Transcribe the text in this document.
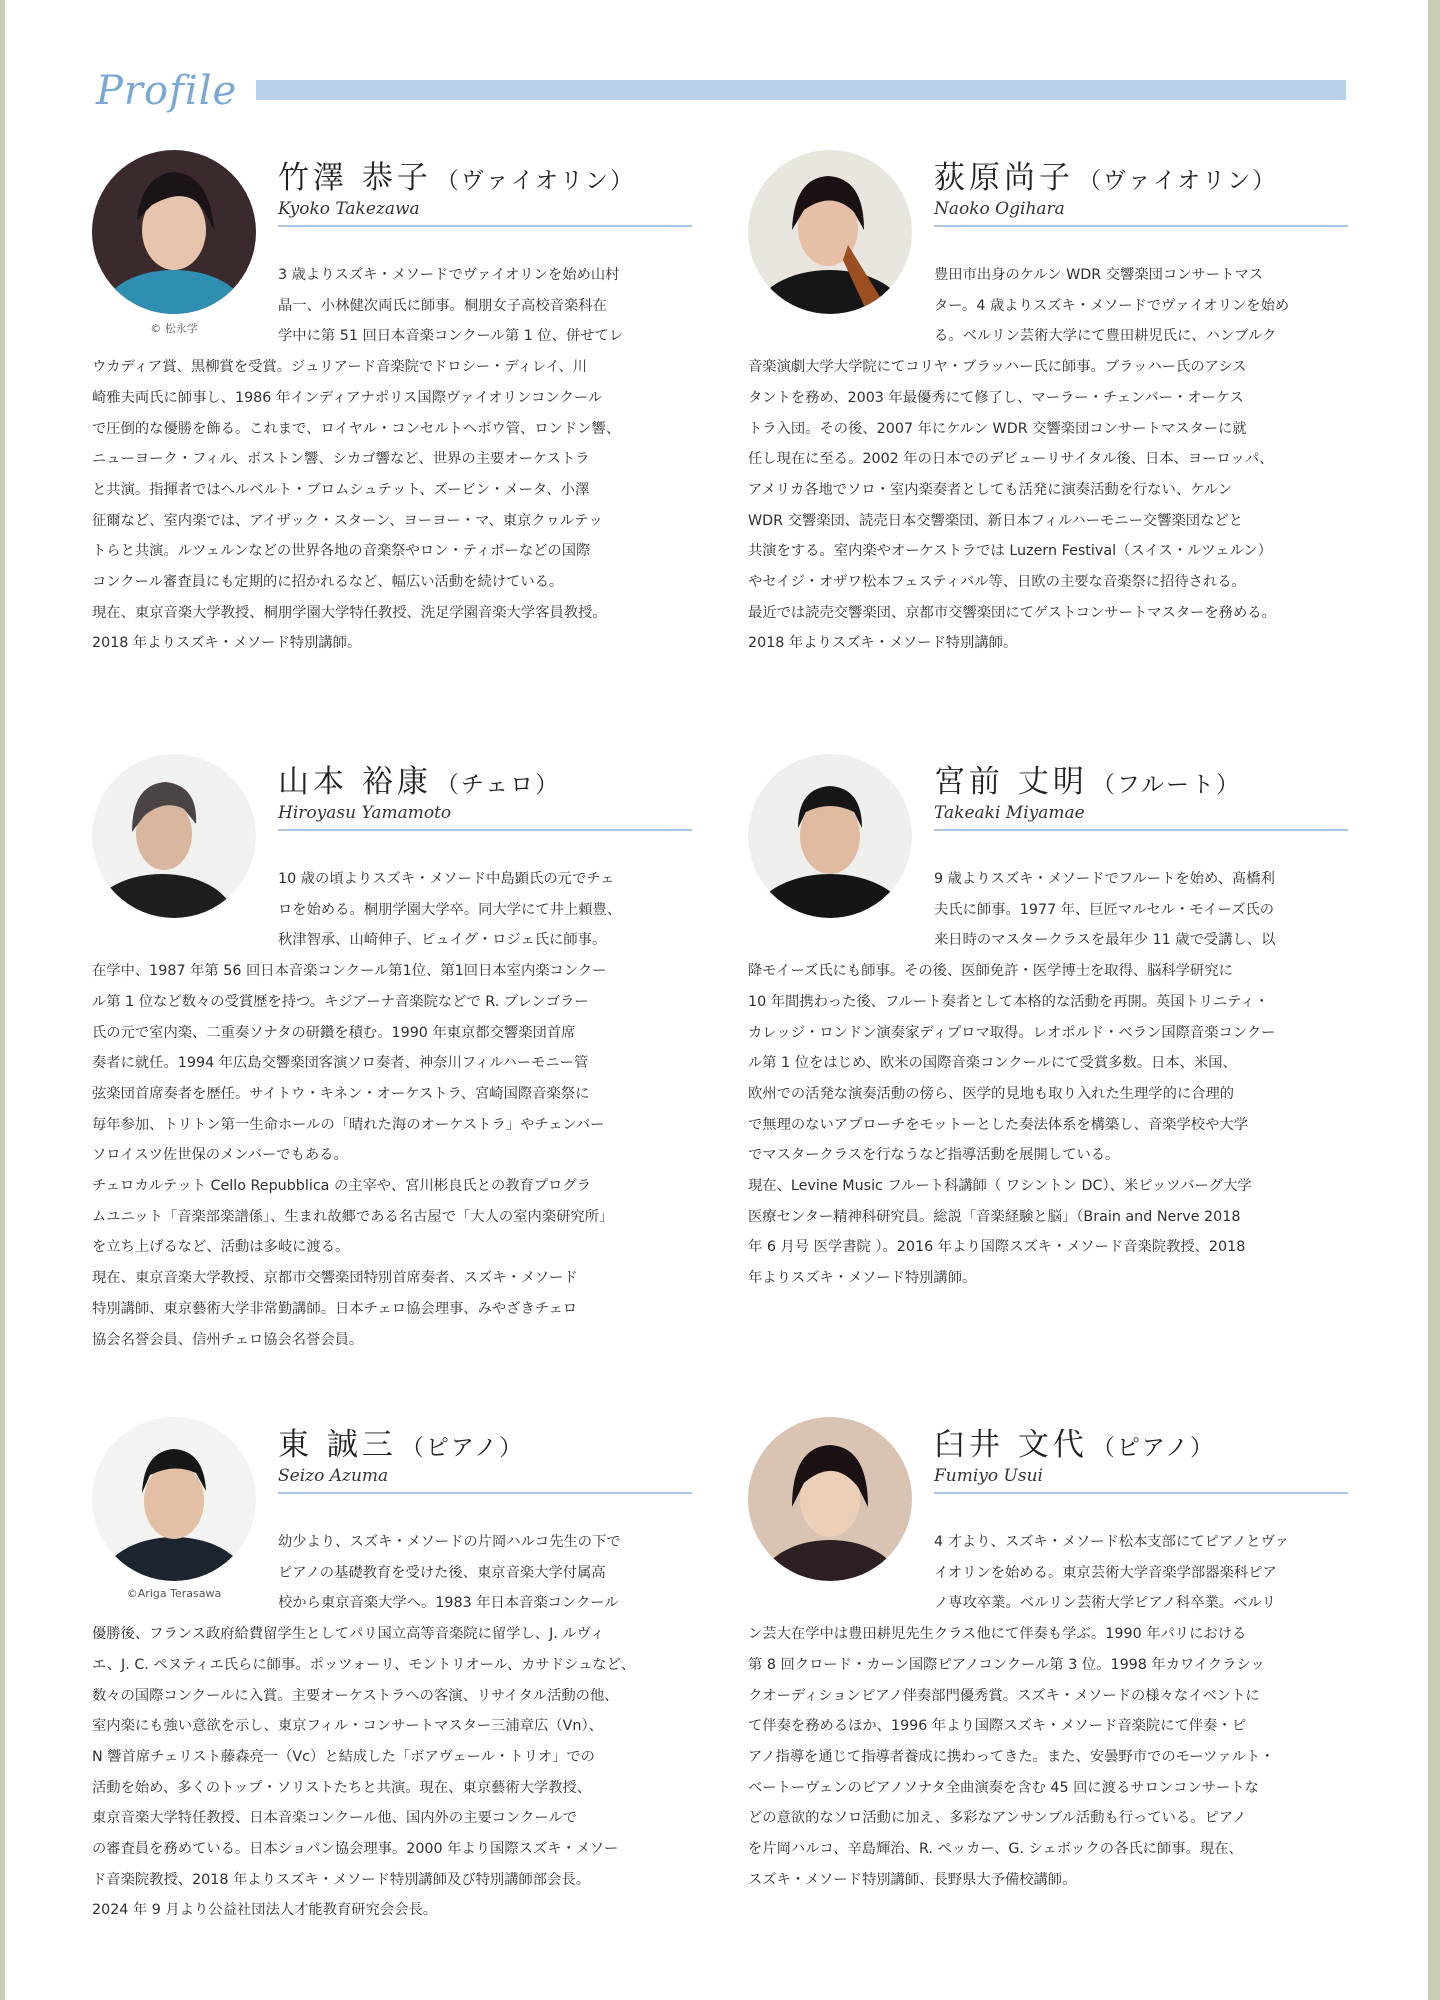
Profile
© 松永学
竹澤 恭子 （ヴァイオリン）
Kyoko Takezawa
3 歳よりスズキ・メソードでヴァイオリンを始め山村
晶一、小林健次両氏に師事。桐朋女子高校音楽科在
学中に第 51 回日本音楽コンクール第 1 位、併せてレ
ウカディア賞、黒柳賞を受賞。ジュリアード音楽院でドロシー・ディレイ、川
崎雅夫両氏に師事し、1986 年インディアナポリス国際ヴァイオリンコンクール
で圧倒的な優勝を飾る。これまで、ロイヤル・コンセルトヘボウ管、ロンドン響、
ニューヨーク・フィル、ボストン響、シカゴ響など、世界の主要オーケストラ
と共演。指揮者ではヘルベルト・ブロムシュテット、ズービン・メータ、小澤
征爾など、室内楽では、アイザック・スターン、ヨーヨー・マ、東京クヮルテッ
トらと共演。ルツェルンなどの世界各地の音楽祭やロン・ティボーなどの国際
コンクール審査員にも定期的に招かれるなど、幅広い活動を続けている。
現在、東京音楽大学教授、桐朋学園大学特任教授、洗足学園音楽大学客員教授。
2018 年よりスズキ・メソード特別講師。
荻原尚子 （ヴァイオリン）
Naoko Ogihara
豊田市出身のケルン WDR 交響楽団コンサートマス
ター。4 歳よりスズキ・メソードでヴァイオリンを始め
る。ベルリン芸術大学にて豊田耕児氏に、ハンブルク
音楽演劇大学大学院にてコリヤ・ブラッハー氏に師事。ブラッハー氏のアシス
タントを務め、2003 年最優秀にて修了し、マーラー・チェンバー・オーケス
トラ入団。その後、2007 年にケルン WDR 交響楽団コンサートマスターに就
任し現在に至る。2002 年の日本でのデビューリサイタル後、日本、ヨーロッパ、
アメリカ各地でソロ・室内楽奏者としても活発に演奏活動を行ない、ケルン
WDR 交響楽団、読売日本交響楽団、新日本フィルハーモニー交響楽団などと
共演をする。室内楽やオーケストラでは Luzern Festival（スイス・ルツェルン）
やセイジ・オザワ松本フェスティバル等、日欧の主要な音楽祭に招待される。
最近では読売交響楽団、京都市交響楽団にてゲストコンサートマスターを務める。
2018 年よりスズキ・メソード特別講師。
山本 裕康 （チェロ）
Hiroyasu Yamamoto
10 歳の頃よりスズキ・メソード中島顕氏の元でチェ
ロを始める。桐朋学園大学卒。同大学にて井上頼豊、
秋津智承、山崎伸子、ピュイグ・ロジェ氏に師事。
在学中、1987 年第 56 回日本音楽コンクール第1位、第1回日本室内楽コンクー
ル第 1 位など数々の受賞歴を持つ。キジアーナ音楽院などで R. ブレンゴラー
氏の元で室内楽、二重奏ソナタの研鑽を積む。1990 年東京都交響楽団首席
奏者に就任。1994 年広島交響楽団客演ソロ奏者、神奈川フィルハーモニー管
弦楽団首席奏者を歴任。サイトウ・キネン・オーケストラ、宮崎国際音楽祭に
毎年参加、トリトン第一生命ホールの「晴れた海のオーケストラ」やチェンバー
ソロイスツ佐世保のメンバーでもある。
チェロカルテット Cello Repubblica の主宰や、宮川彬良氏との教育プログラ
ムユニット「音楽部楽譜係」、生まれ故郷である名古屋で「大人の室内楽研究所」
を立ち上げるなど、活動は多岐に渡る。
現在、東京音楽大学教授、京都市交響楽団特別首席奏者、スズキ・メソード
特別講師、東京藝術大学非常勤講師。日本チェロ協会理事、みやざきチェロ
協会名誉会員、信州チェロ協会名誉会員。
宮前 丈明 （フルート）
Takeaki Miyamae
9 歳よりスズキ・メソードでフルートを始め、髙橋利
夫氏に師事。1977 年、巨匠マルセル・モイーズ氏の
来日時のマスタークラスを最年少 11 歳で受講し、以
降モイーズ氏にも師事。その後、医師免許・医学博士を取得、脳科学研究に
10 年間携わった後、フルート奏者として本格的な活動を再開。英国トリニティ・
カレッジ・ロンドン演奏家ディプロマ取得。レオポルド・ベラン国際音楽コンクー
ル第 1 位をはじめ、欧米の国際音楽コンクールにて受賞多数。日本、米国、
欧州での活発な演奏活動の傍ら、医学的見地も取り入れた生理学的に合理的
で無理のないアプローチをモットーとした奏法体系を構築し、音楽学校や大学
でマスタークラスを行なうなど指導活動を展開している。
現在、Levine Music フルート科講師（ ワシントン DC）、米ピッツバーグ大学
医療センター精神科研究員。総説「音楽経験と脳」（Brain and Nerve 2018
年 6 月号 医学書院 ）。2016 年より国際スズキ・メソード音楽院教授、2018
年よりスズキ・メソード特別講師。
©Ariga Terasawa
東 誠三 （ピアノ）
Seizo Azuma
幼少より、スズキ・メソードの片岡ハルコ先生の下で
ピアノの基礎教育を受けた後、東京音楽大学付属高
校から東京音楽大学へ。1983 年日本音楽コンクール
優勝後、フランス政府給費留学生としてパリ国立高等音楽院に留学し、J. ルヴィ
エ、J. C. ペヌティエ氏らに師事。ポッツォーリ、モントリオール、カサドシュなど、
数々の国際コンクールに入賞。主要オーケストラへの客演、リサイタル活動の他、
室内楽にも強い意欲を示し、東京フィル・コンサートマスター三浦章広（Vn）、
N 響首席チェリスト藤森亮一（Vc）と結成した「ボアヴェール・トリオ」での
活動を始め、多くのトップ・ソリストたちと共演。現在、東京藝術大学教授、
東京音楽大学特任教授、日本音楽コンクール他、国内外の主要コンクールで
の審査員を務めている。日本ショパン協会理事。2000 年より国際スズキ・メソー
ド音楽院教授、2018 年よりスズキ・メソード特別講師及び特別講師部会長。
2024 年 9 月より公益社団法人才能教育研究会会長。
臼井 文代 （ピアノ）
Fumiyo Usui
4 才より、スズキ・メソード松本支部にてピアノとヴァ
イオリンを始める。東京芸術大学音楽学部器楽科ピア
ノ専攻卒業。ベルリン芸術大学ピアノ科卒業。ベルリ
ン芸大在学中は豊田耕児先生クラス他にて伴奏も学ぶ。1990 年パリにおける
第 8 回クロード・カーン国際ピアノコンクール第 3 位。1998 年カワイクラシッ
クオーディションピアノ伴奏部門優秀賞。スズキ・メソードの様々なイベントに
て伴奏を務めるほか、1996 年より国際スズキ・メソード音楽院にて伴奏・ピ
アノ指導を通じて指導者養成に携わってきた。また、安曇野市でのモーツァルト・
ベートーヴェンのピアノソナタ全曲演奏を含む 45 回に渡るサロンコンサートな
どの意欲的なソロ活動に加え、多彩なアンサンブル活動も行っている。ピアノ
を片岡ハルコ、辛島輝治、R. ペッカー、G. シェボックの各氏に師事。現在、
スズキ・メソード特別講師、長野県大予備校講師。
